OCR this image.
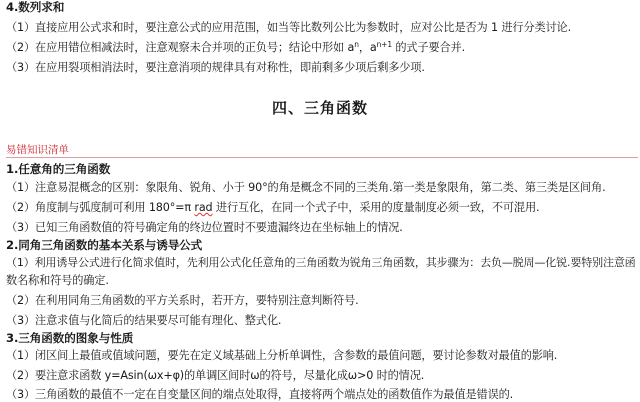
4.数列求和
（1）直接应用公式求和时，要注意公式的应用范围，如当等比数列公比为参数时，应对公比是否为 1 进行分类讨论.
（2）在应用错位相减法时，注意观察未合并项的正负号；结论中形如 $a^n$，$a^{n+1}$ 的式子要合并.
（3）在应用裂项相消法时，要注意消项的规律具有对称性，即前剩多少项后剩多少项.
四、三角函数
易错知识清单
1.任意角的三角函数
（1）注意易混概念的区别：象限角、锐角、小于 90°的角是概念不同的三类角.第一类是象限角，第二类、第三类是区间角.
（2）角度制与弧度制可利用 180°=π rad 进行互化，在同一个式子中，采用的度量制度必须一致，不可混用.
（3）已知三角函数值的符号确定角的终边位置时不要遗漏终边在坐标轴上的情况.
2.同角三角函数的基本关系与诱导公式
（1）利用诱导公式进行化简求值时，先利用公式化任意角的三角函数为锐角三角函数，其步骤为：去负—脱周—化锐.要特别注意函
数名称和符号的确定.
（2）在利用同角三角函数的平方关系时，若开方，要特别注意判断符号.
（3）注意求值与化简后的结果要尽可能有理化、整式化.
3.三角函数的图象与性质
（1）闭区间上最值或值域问题，要先在定义域基础上分析单调性，含参数的最值问题，要讨论参数对最值的影响.
（2）要注意求函数 y=Asin(ωx+φ)的单调区间时ω的符号，尽量化成ω>0 时的情况.
（3）三角函数的最值不一定在自变量区间的端点处取得，直接将两个端点处的函数值作为最值是错误的.
